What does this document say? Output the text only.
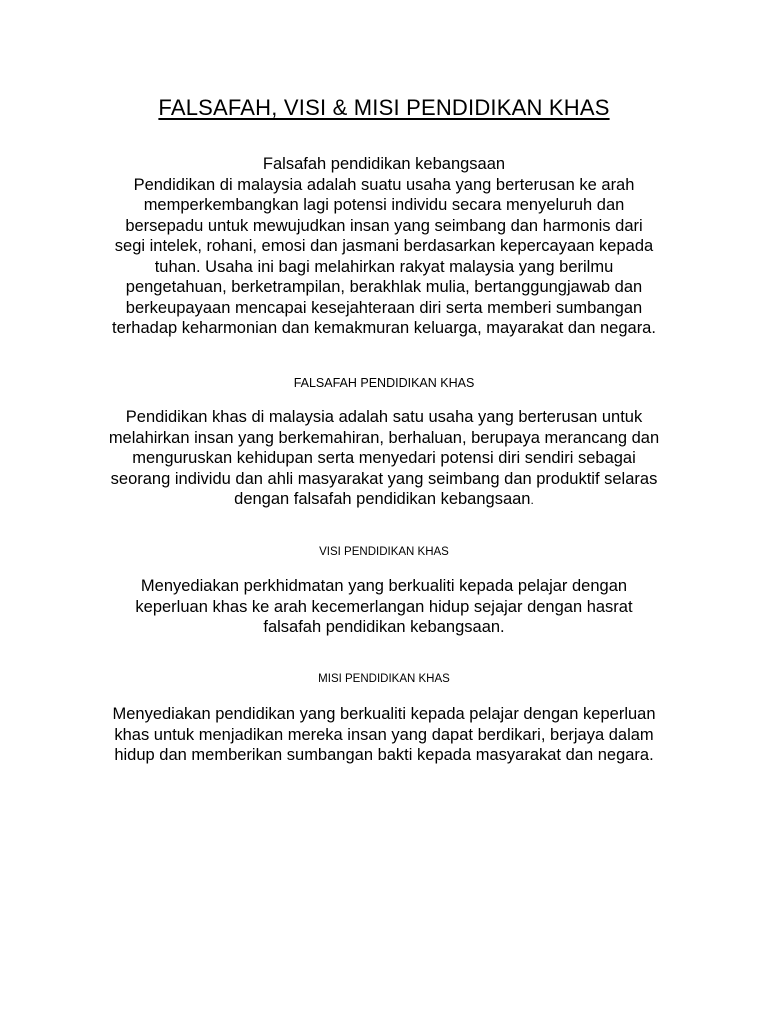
FALSAFAH, VISI & MISI PENDIDIKAN KHAS

Falsafah pendidikan kebangsaan

Pendidikan di malaysia adalah suatu usaha yang berterusan ke arah

memperkembangkan lagi potensi individu secara menyeluruh dan

bersepadu untuk mewujudkan insan yang seimbang dan harmonis dari

segi intelek, rohani, emosi dan jasmani berdasarkan kepercayaan kepada

tuhan. Usaha ini bagi melahirkan rakyat malaysia yang berilmu

pengetahuan, berketrampilan, berakhlak mulia, bertanggungjawab dan

berkeupayaan mencapai kesejahteraan diri serta memberi sumbangan

terhadap keharmonian dan kemakmuran keluarga, mayarakat dan negara.

FALSAFAH PENDIDIKAN KHAS

Pendidikan khas di malaysia adalah satu usaha yang berterusan untuk

melahirkan insan yang berkemahiran, berhaluan, berupaya merancang dan

menguruskan kehidupan serta menyedari potensi diri sendiri sebagai

seorang individu dan ahli masyarakat yang seimbang dan produktif selaras

dengan falsafah pendidikan kebangsaan.

VISI PENDIDIKAN KHAS

Menyediakan perkhidmatan yang berkualiti kepada pelajar dengan

keperluan khas ke arah kecemerlangan hidup sejajar dengan hasrat

falsafah pendidikan kebangsaan.

MISI PENDIDIKAN KHAS

Menyediakan pendidikan yang berkualiti kepada pelajar dengan keperluan

khas untuk menjadikan mereka insan yang dapat berdikari, berjaya dalam

hidup dan memberikan sumbangan bakti kepada masyarakat dan negara.
